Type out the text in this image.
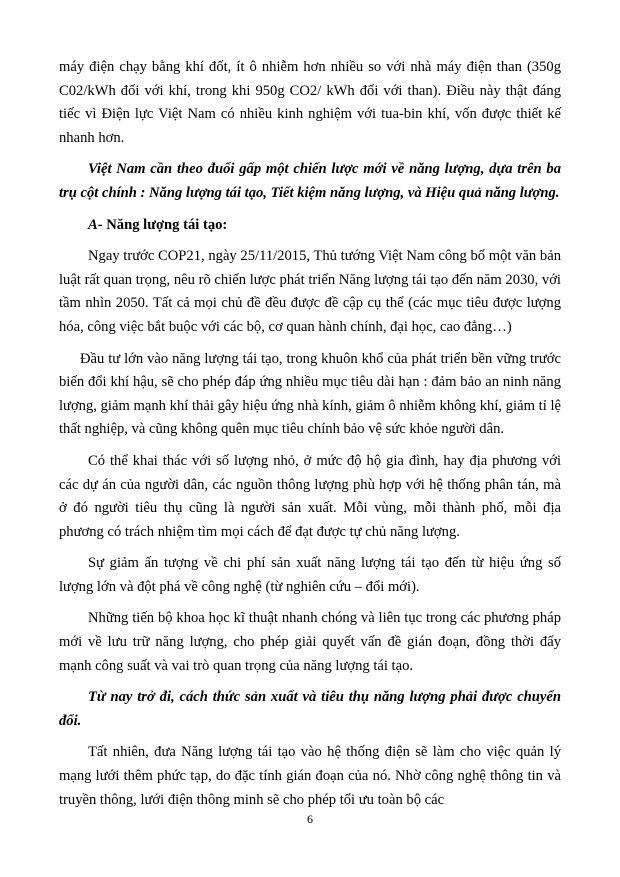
máy điện chạy bằng khí đốt, ít ô nhiễm hơn nhiều so với nhà máy điện than (350g C02/kWh đối với khí, trong khi 950g CO2/ kWh đối với than). Điều này thật đáng tiếc vì Điện lực Việt Nam có nhiều kinh nghiệm với tua-bin khí, vốn được thiết kế nhanh hơn.

Việt Nam cần theo đuổi gấp một chiến lược mới về năng lượng, dựa trên ba trụ cột chính : Năng lượng tái tạo, Tiết kiệm năng lượng, và Hiệu quả năng lượng.

A- Năng lượng tái tạo:

Ngay trước COP21, ngày 25/11/2015, Thủ tướng Việt Nam công bố một văn bản luật rất quan trọng, nêu rõ chiến lược phát triển Năng lượng tái tạo đến năm 2030, với tầm nhìn 2050. Tất cả mọi chủ đề đều được đề cập cụ thể (các mục tiêu được lượng hóa, công việc bắt buộc với các bộ, cơ quan hành chính, đại học, cao đẳng…)

Đầu tư lớn vào năng lượng tái tạo, trong khuôn khổ của phát triển bền vững trước biến đổi khí hậu, sẽ cho phép đáp ứng nhiều mục tiêu dài hạn : đảm bảo an ninh năng lượng, giảm mạnh khí thải gây hiệu ứng nhà kính, giảm ô nhiễm không khí, giảm tỉ lệ thất nghiệp, và cũng không quên mục tiêu chính bảo vệ sức khỏe người dân.

Có thể khai thác với số lượng nhỏ, ở mức độ hộ gia đình, hay địa phương với các dự án của người dân, các nguồn thông lượng phù hợp với hệ thống phân tán, mà ở đó người tiêu thụ cũng là người sản xuất. Mỗi vùng, mỗi thành phố, mỗi địa phương có trách nhiệm tìm mọi cách để đạt được tự chủ năng lượng.

Sự giảm ấn tượng về chi phí sản xuất năng lượng tái tạo đến từ hiệu ứng số lượng lớn và đột phá về công nghệ (từ nghiên cứu – đổi mới).

Những tiến bộ khoa học kĩ thuật nhanh chóng và liên tục trong các phương pháp mới về lưu trữ năng lượng, cho phép giải quyết vấn đề gián đoạn, đồng thời đẩy mạnh công suất và vai trò quan trọng của năng lượng tái tạo.

Từ nay trở đi, cách thức sản xuất và tiêu thụ năng lượng phải được chuyển đổi.

Tất nhiên, đưa Năng lượng tái tạo vào hệ thống điện sẽ làm cho việc quản lý mạng lưới thêm phức tạp, do đặc tính gián đoạn của nó. Nhờ công nghệ thông tin và truyền thông, lưới điện thông minh sẽ cho phép tối ưu toàn bộ các

6
